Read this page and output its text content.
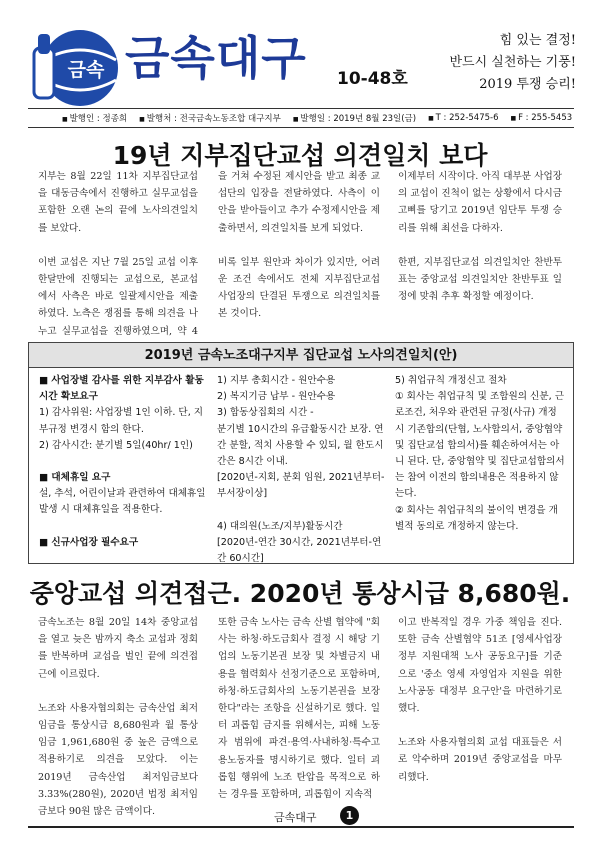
금속 금속대구 10-48호
힘 있는 결정!
반드시 실천하는 기풍!
2019 투쟁 승리!
■ 발행인 : 정종희	■ 발행처 : 전국금속노동조합 대구지부	■ 발행일 : 2019년 8월 23일(금)	■ T : 252-5475-6	■ F : 255-5453
19년 지부집단교섭 의견일치 보다

지부는 8월 22일 11차 지부집단교섭을 대동금속에서 진행하고 실무교섭을 포함한 오랜 논의 끝에 노사의견일치를 보았다.

이번 교섭은 지난 7월 25일 교섭 이후 한달만에 진행되는 교섭으로, 본교섭에서 사측은 바로 일괄제시안을 제출하였다. 노측은 쟁점를 통해 의견을 나누고 실무교섭을 진행하였으며, 약 4

을 거쳐 수정된 제시안을 받고 최종 교섭단의 입장을 전달하였다. 사측이 이 안을 받아들이고 추가 수정제시안을 제출하면서, 의견일치를 보게 되었다.

비록 일부 원안과 차이가 있지만, 어려운 조건 속에서도 전체 지부집단교섭 사업장의 단결된 투쟁으로 의견일치를 본 것이다.

이제부터 시작이다. 아직 대부분 사업장의 교섭이 진척이 없는 상황에서 다시금 고삐를 당기고 2019년 임단투 투쟁 승리를 위해 최선을 다하자.

한편, 지부집단교섭 의견일치안 찬반투표는 중앙교섭 의견일치안 찬반투표 일정에 맞춰 추후 확정할 예정이다.

2019년 금속노조대구지부 집단교섭 노사의견일치(안)
■ 사업장별 감사를 위한 지부감사 활동시간 확보요구
1) 감사위원: 사업장별 1인 이하. 단, 지부규정 변경시 함의 한다.
2) 감사시간: 분기별 5일(40hr/ 1인)
■ 대체휴일 요구
설, 추석, 어린이날과 관련하여 대체휴일 발생 시 대체휴일을 적용한다.
■ 신규사업장 필수요구
1) 지부 총회시간 - 원안수용
2) 복지기금 납부 - 원안수용
3) 합동상집회의 시간 -
분기별 10시간의 유급활동시간 보장. 연간 분할, 적치 사용할 수 있되, 월 한도시간은 8시간 이내.
[2020년-지회, 분회 임원, 2021년부터-부서장이상]
4) 대의원(노조/지부)활동시간
[2020년-연간 30시간, 2021년부터-연간 60시간]
5) 취업규칙 개정신고 절차
① 회사는 취업규칙 및 조합원의 신분, 근로조건, 처우와 관련된 규정(사규) 개정 시 기존합의(단협, 노사합의서, 중앙협약 및 집단교섭 합의서)를 훼손하여서는 아니 된다. 단, 중앙협약 및 집단교섭합의서는 참여 이전의 합의내용은 적용하지 않는다.
② 회사는 취업규칙의 불이익 변경을 개별적 동의로 개정하지 않는다.
중앙교섭 의견접근. 2020년 통상시급 8,680원.

금속노조는 8월 20일 14차 중앙교섭을 열고 늦은 밤까지 축소 교섭과 정회를 반복하며 교섭을 벌인 끝에 의견접근에 이르렀다.

노조와 사용자협의회는 금속산업 최저임금을 통상시급 8,680원과 월 통상임금 1,961,680원 중 높은 금액으로 적용하기로 의견을 모았다. 이는 2019년 금속산업 최저임금보다 3.33%(280원), 2020년 법정 최저임금보다 90원 많은 금액이다.

또한 금속 노사는 금속 산별 협약에 "회사는 하청·하도급회사 결정 시 해당 기업의 노동기본권 보장 및 차별금지 내용을 협력회사 선정기준으로 포함하며, 하청·하도급회사의 노동기본권을 보장한다"라는 조항을 신설하기로 했다. 일터 괴롭힘 금지를 위해서는, 피해 노동자 범위에 파견·용역·사내하청·특수고용노동자를 명시하기로 했다. 일터 괴롭힘 행위에 노조 탄압을 목적으로 하는 경우를 포함하며, 괴롭힘이 지속적

이고 반복적일 경우 가중 책임을 진다. 또한 금속 산별협약 51조 [영세사업장 정부 지원대책 노사 공동요구]를 기준으로 '중소 영세 자영업자 지원을 위한 노사공동 대정부 요구안'을 마련하기로 했다.

노조와 사용자협의회 교섭 대표들은 서로 악수하며 2019년 중앙교섭을 마무리했다.

금속대구	1
